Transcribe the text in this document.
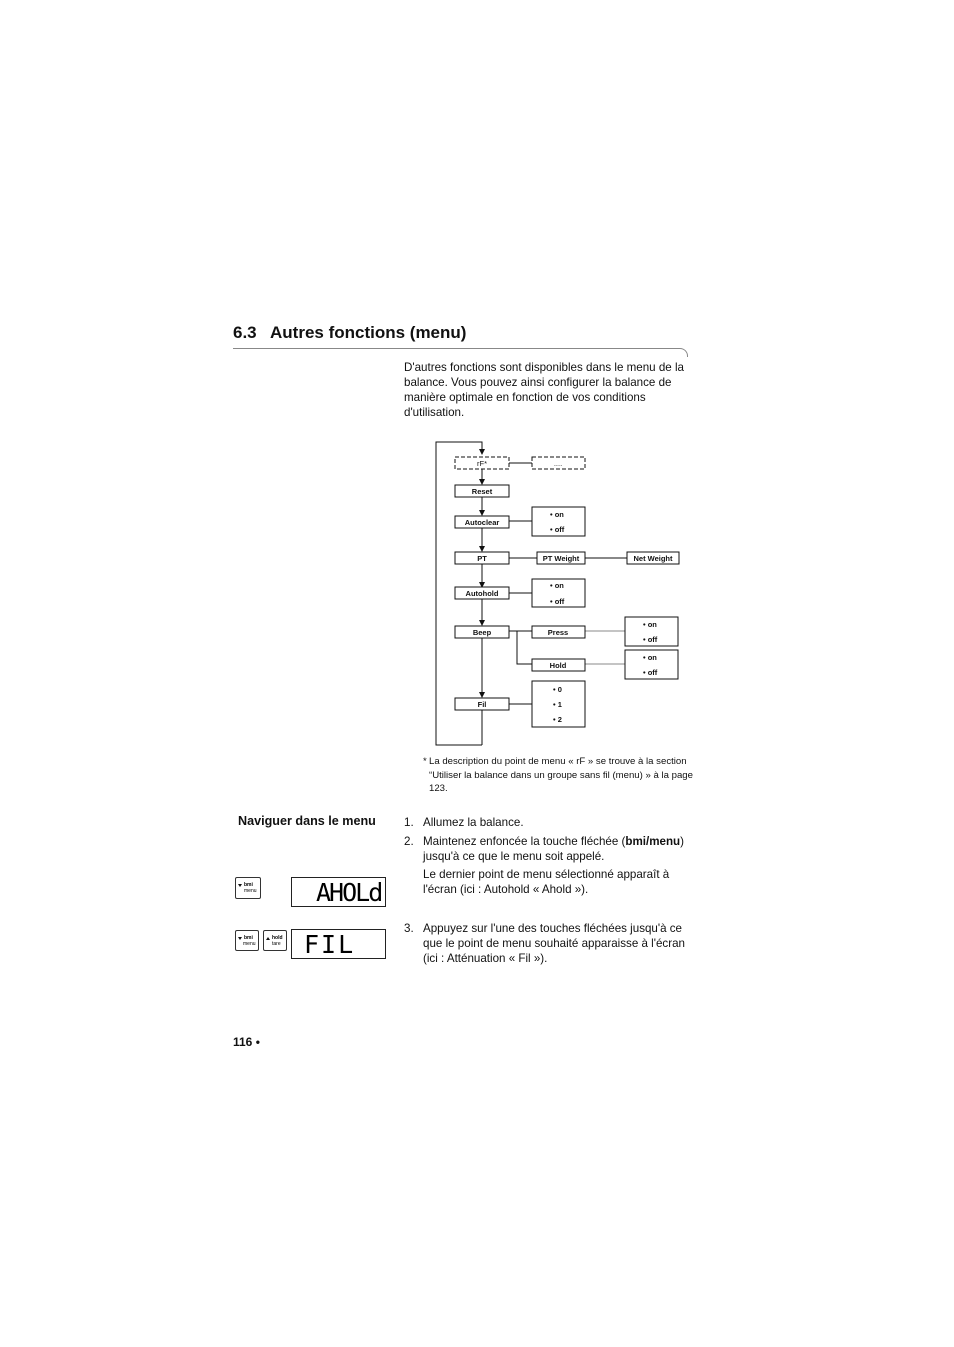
6.3 Autres fonctions (menu)
D'autres fonctions sont disponibles dans le menu de la balance. Vous pouvez ainsi configurer la balance de manière optimale en fonction de vos conditions d'utilisation.
rF*	....
Reset
Autoclear
• on
• off
PT	PT Weight	Net Weight
Autohold
• on
• off
Beep	Press
• on
• off
Hold
• on
• off
Fil
• 0
• 1
• 2
* La description du point de menu « rF » se trouve à la section “Utiliser la balance dans un groupe sans fil (menu) » à la page 123.
Naviguer dans le menu 1. Allumez la balance.
2. Maintenez enfoncée la touche fléchée (bmi/menu) jusqu'à ce que le menu soit appelé.
Le dernier point de menu sélectionné apparaît à l'écran (ici : Autohold « Ahold »).
3. Appuyez sur l'une des touches fléchées jusqu'à ce que le point de menu souhaité apparaisse à l'écran (ici : Atténuation « Fil »).
bmi
menu AHOLd
bmi
menu
hold
tare FIL
116 •
